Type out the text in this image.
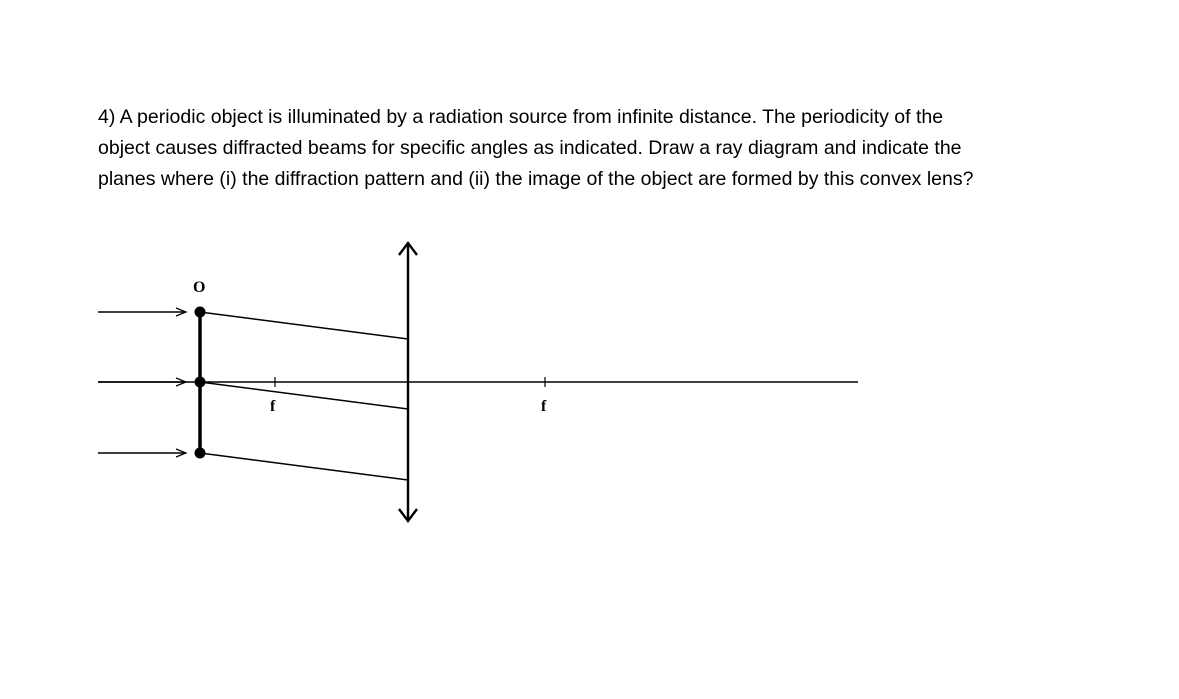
4) A periodic object is illuminated by a radiation source from infinite distance. The periodicity of the
object causes diffracted beams for specific angles as indicated. Draw a ray diagram and indicate the
planes where (i) the diffraction pattern and (ii) the image of the object are formed by this convex lens?
O
f	f
